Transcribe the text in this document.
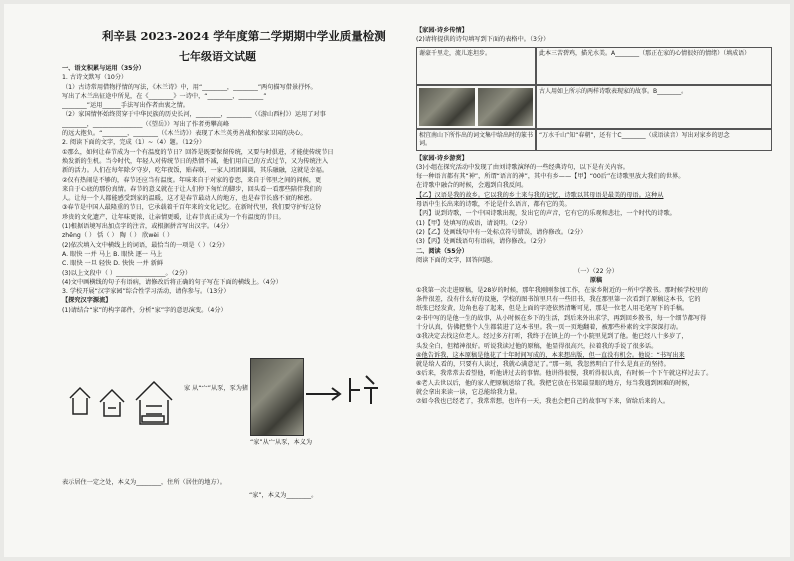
利辛县 2023-2024 学年度第二学期期中学业质量检测
七年级语文试题
一、语文积累与运用（35分）
1. 古诗文默写（10分）
（1）古诗常用借物抒情的写法，《木兰诗》中，用“________，________”两句描写借景抒怀。
写出了木兰出征途中所见，在《________》一诗中，“________，________”
________”运用______手法写出作者由衷之情。
（2）家国情怀始终贯穿于中华民族的历史长河，________，________（《游山西村》）运用了对事
________，________________（《望岳》）写出了作者勇攀高峰
的远大抱负。“________，________（《木兰诗》）表现了木兰英勇善战和保家卫国的决心。
2. 阅读下面的文字，完成（1）~（4）题。（12分）
①那么，如何让春节成为一个有温度的节日？回答是既要保留传统，又要与时俱进，才能使传统节日
焕发新的生机。当今时代，年轻人对传统节日的热情不减，他们用自己的方式过节，又为传统注入
新的活力。人们在每年除夕守岁，吃年夜饭，贴春联，一家人团团圆圆，其乐融融，这就是幸福。
②仅有热闹是不够的，春节还应当有温度。年味来自于对家的眷恋，来自于邻里之间的问候，更
来自于心底的那份真情。春节的意义就在于让人们停下匆忙的脚步，回头看一看那些陪伴我们的
人。让每一个人都能感受到家的温暖，这才是春节最动人的地方，也是春节长盛不衰的秘密。
③春节是中国人最隆重的节日，它承载着千百年来的文化记忆。在新时代里，我们要守护好这份
珍贵的文化遗产，让年味更浓，让亲情更暖，让春节真正成为一个有温度的节日。
(1)根据语境写出加点字的注音，或根据拼音写出汉字。（4分）
zhēng（ ） 恬（ ） 陶（ ） 欣wèi（ ）
(2)依次填入文中横线上的词语，最恰当的一项是（ ）（2分）
A. 眼快 一并 马上 B. 眼快 逐一 马上
C. 眼快 一旦 轻快 D. 快快 一并 新鲜
(3)以上文段中（ ）________________。（2分）
(4)文中画横线的句子有语病，请修改后将正确的句子写在下面的横线上。（4分）
3. 学校开展“汉字家园”综合性学习活动，请你参与。（13分）
【探究汉字源流】
(1)请结合“家”的构字部件，分析“家”字的意思演变。（4分）
家 从“宀”从豕，豕为猪
“家”从宀从豕，本义为
表示居住一定之处，本义为________，住所（居住的地方）。
“家”，本义为________。
【家园·诗乡传情】
(2)请将提供的诗句填写到下面的表格中。（3分）
谢豪千里走，流儿连坦步。	此本三苦碧鸡，描光水美。A________（那正在家的心情很好的情绪）（填成语）
古人用如上所示的两样诗歌表现家的故事。B________。
相宜南山下所作出的词文集中给出时的篆书词。
“万水千山”知“春朝”，还有十C________（成语读音）写出对家乡的思念
【家园·诗乡游赏】
(3)小组在探究活动中发现了由刘诗歌演绎的一些经典诗句，以下是有关内容。
每一种语言都有其“神”，所谓“语言的神”，其中有乡——【甲】“00后”在诗歌里放大我们的世界。
在诗歌中融合的时候，会遇到自我反问。
【乙】汉语是我的故乡。它以我的乡土来与我的记忆，诗歌以其母语是最美的母语。这种从
母语中生长出来的诗歌，不论是什么语言，都有它的美。
【丙】说到诗歌，一个中国诗歌出现，发出它的声音，它有它的乐观和悲壮，一个时代的诗歌。
(1)【甲】处填写的成语，请说明。（2分）
(2)【乙】处画线句中有一处标点符号错误，请你修改。（2分）
(3)【丙】处画线语句有语病，请你修改。（2分）
二、阅读（55分）
阅读下面的文字，回答问题。
（一）（22 分）
原稿
①我第一次走进原稿，是28岁的时候，那年我刚刚参加工作，在家乡附近的一所中学教书。那时候学校里的
条件很差，没有什么好的设施，学校的图书馆里只有一些旧书，我在那里第一次看到了原稿这本书，它的
纸张已经发黄，边角也卷了起来，但是上面的字迹依然清晰可见，那是一位老人用毛笔写下的手稿。
②书中写的是他一生的故事，从小时候在乡下的生活，到后来外出求学，再到回乡教书，每一个细节都写得
十分认真，仿佛把整个人生都装进了这本书里。我一页一页地翻着，被那些朴素的文字深深打动。
③我决定去找这位老人。经过多方打听，我终于在镇上的一个小院里见到了他。他已经八十多岁了，
头发全白，但精神很好。听说我读过他的原稿，他显得很高兴，拉着我的手说了很多话。
④他告诉我，这本原稿是他花了十年时间写成的，本来想出版，但一直没有机会。他说：“书写出来
就是给人看的，只要有人读过，我就心满意足了。”那一刻，我忽然明白了什么是真正的坚持。
⑤后来，我常常去看望他，听他讲过去的事情。他讲得很慢，我听得很认真，有时候一个下午就这样过去了。
⑥老人去世以后，他的家人把原稿送给了我。我把它放在书架最显眼的地方，每当我遇到困难的时候，
就会拿出来读一读，它总能给我力量。
⑦如今我也已经老了，我常常想，也许有一天，我也会把自己的故事写下来，留给后来的人。
